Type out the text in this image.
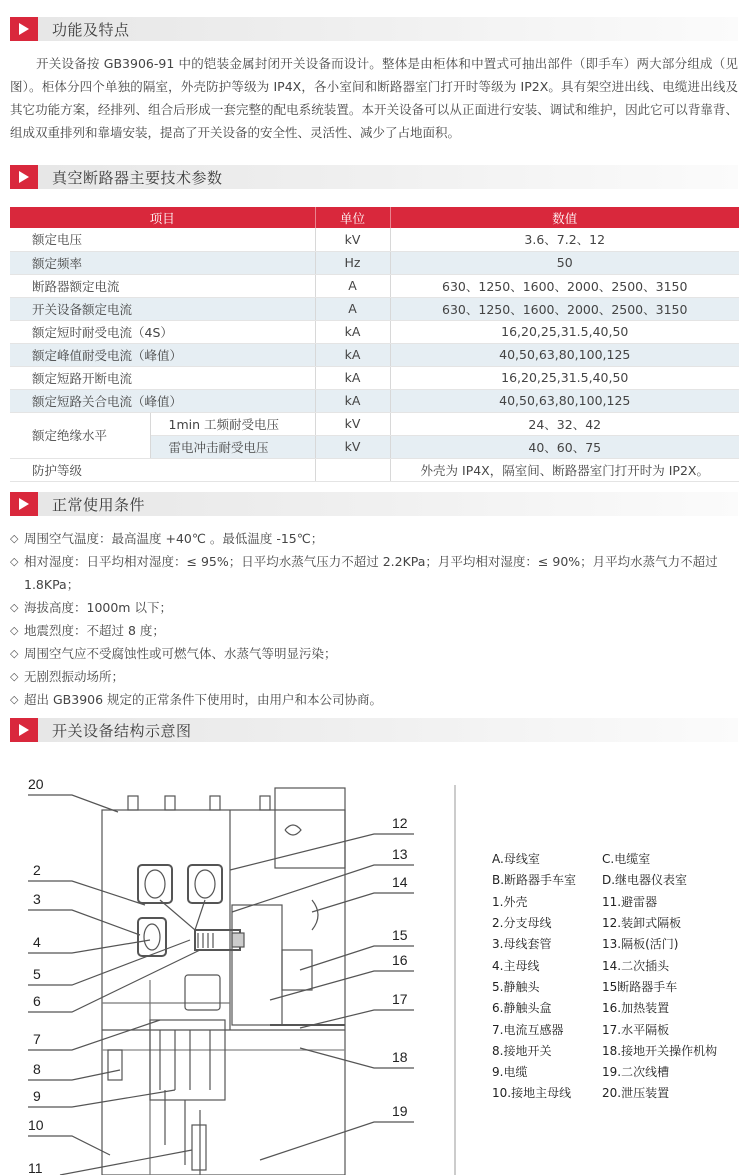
功能及特点

开关设备按 GB3906-91 中的铠装金属封闭开关设备而设计。整体是由柜体和中置式可抽出部件（即手车）两大部分组成（见图）。柜体分四个单独的隔室，外壳防护等级为 IP4X，各小室间和断路器室门打开时等级为 IP2X。具有架空进出线、电缆进出线及其它功能方案，经排列、组合后形成一套完整的配电系统装置。本开关设备可以从正面进行安装、调试和维护，因此它可以背靠背、 组成双重排列和靠墙安装，提高了开关设备的安全性、灵活性、减少了占地面积。

真空断路器主要技术参数
项目		单位	数值
额定电压		kV	3.6、7.2、12
额定频率		Hz	50
断路器额定电流		A	630、1250、1600、2000、2500、3150
开关设备额定电流		A	630、1250、1600、2000、2500、3150
额定短时耐受电流（4S）		kA	16,20,25,31.5,40,50
额定峰值耐受电流（峰值）		kA	40,50,63,80,100,125
额定短路开断电流		kA	16,20,25,31.5,40,50
额定短路关合电流（峰值）		kA	40,50,63,80,100,125
额定绝缘水平	1min 工频耐受电压	kV	24、32、42
	雷电冲击耐受电压	kV	40、60、75
防护等级			外壳为 IP4X，隔室间、断路器室门打开时为 IP2X。
正常使用条件
◇ 周围空气温度：最高温度 +40℃ 。最低温度 -15℃；
◇ 相对湿度：日平均相对湿度：≤ 95%；日平均水蒸气压力不超过 2.2KPa；月平均相对湿度：≤ 90%；月平均水蒸气力不超过 1.8KPa；
◇ 海拔高度：1000m 以下；
◇ 地震烈度：不超过 8 度；
◇ 周围空气应不受腐蚀性或可燃气体、水蒸气等明显污染；
◇ 无剧烈振动场所；
◇ 超出 GB3906 规定的正常条件下使用时，由用户和本公司协商。
开关设备结构示意图
20
2
3
4
5
6
7
8
9
10
11
12
13
14
15
16
17
18
19
A.母线室	C.电缆室
B.断路器手车室	D.继电器仪表室
1.外壳	11.避雷器
2.分支母线	12.装卸式隔板
3.母线套管	13.隔板(活门)
4.主母线	14.二次插头
5.静触头	15断路器手车
6.静触头盒	16.加热装置
7.电流互感器	17.水平隔板
8.接地开关	18.接地开关操作机构
9.电缆	19.二次线槽
10.接地主母线	20.泄压装置
